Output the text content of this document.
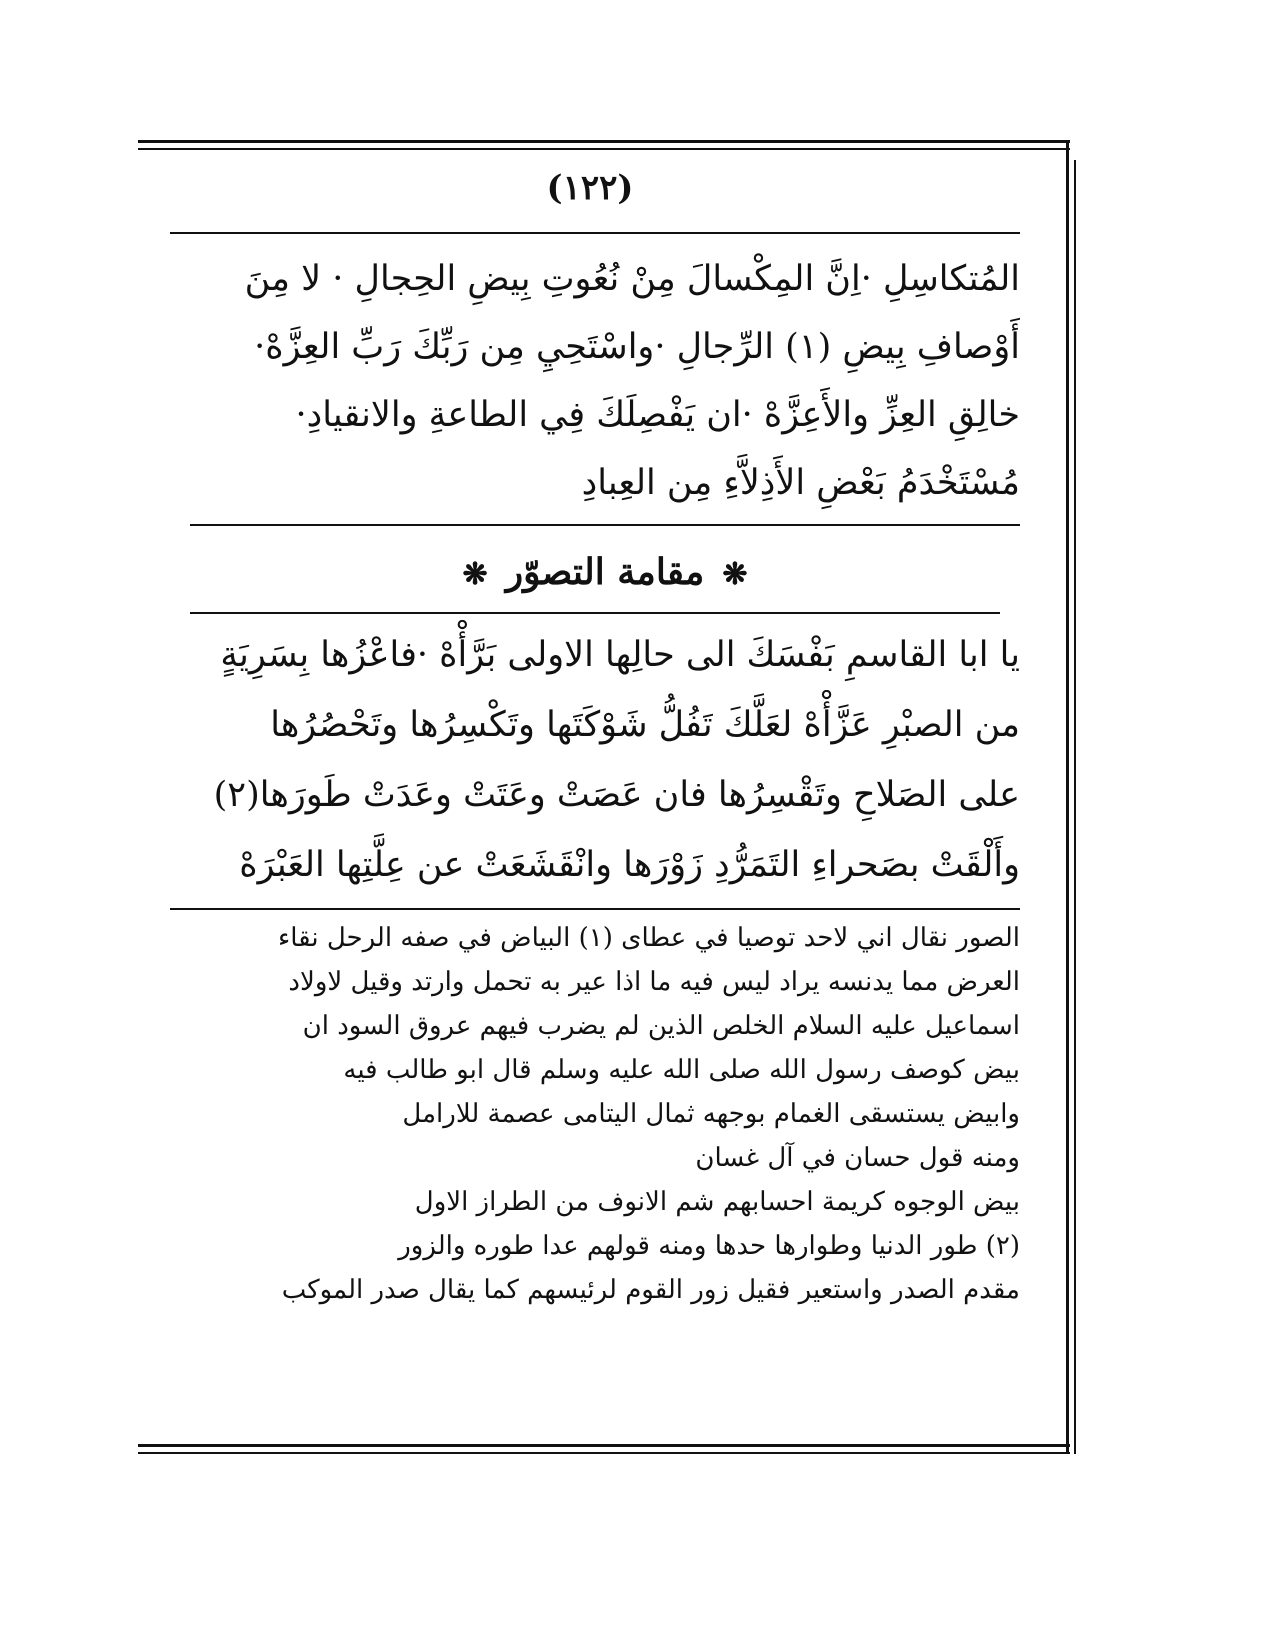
(١٢٢)
المُتكاسِلِ ·اِنَّ المِكْسالَ مِنْ نُعُوتِ بِيضِ الحِجالِ · لا مِنَ
أَوْصافِ بِيضِ (١) الرِّجالِ ·واسْتَحِيِ مِن رَبِّكَ رَبِّ العِزَّهْ·
خالِقِ العِزِّ والأَعِزَّهْ ·ان يَفْصِلَكَ فِي الطاعةِ والانقيادِ·
مُسْتَخْدَمُ بَعْضِ الأَذِلاَّءِ مِن العِبادِ
❋مقامة التصوّر❋
يا ابا القاسمِ بَفْسَكَ الى حالِها الاولى بَرَّأْهْ ·فاعْزُها بِسَرِيَةٍ
من الصبْرِ عَزَّأْهْ لعَلَّكَ تَفُلُّ شَوْكَتَها وتَكْسِرُها وتَحْصُرُها
على الصَلاحِ وتَقْسِرُها فان عَصَتْ وعَتَتْ وعَدَتْ طَورَها(٢)
وأَلْقَتْ بصَحراءِ التَمَرُّدِ زَوْرَها وانْقَشَعَتْ عن عِلَّتِها العَبْرَهْ
الصور نقال اني لاحد توصيا في عطاى (١) البياض في صفه الرحل نقاء
العرض مما يدنسه يراد ليس فيه ما اذا عير به تحمل وارتد وقيل لاولاد
اسماعيل عليه السلام الخلص الذين لم يضرب فيهم عروق السود ان
بيض كوصف رسول الله صلى الله عليه وسلم قال ابو طالب فيه
وابيض يستسقى الغمام بوجهه ثمال اليتامى عصمة للارامل
ومنه قول حسان في آل غسان
بيض الوجوه كريمة احسابهم شم الانوف من الطراز الاول
(٢) طور الدنيا وطوارها حدها ومنه قولهم عدا طوره والزور
مقدم الصدر واستعير فقيل زور القوم لرئيسهم كما يقال صدر الموكب
